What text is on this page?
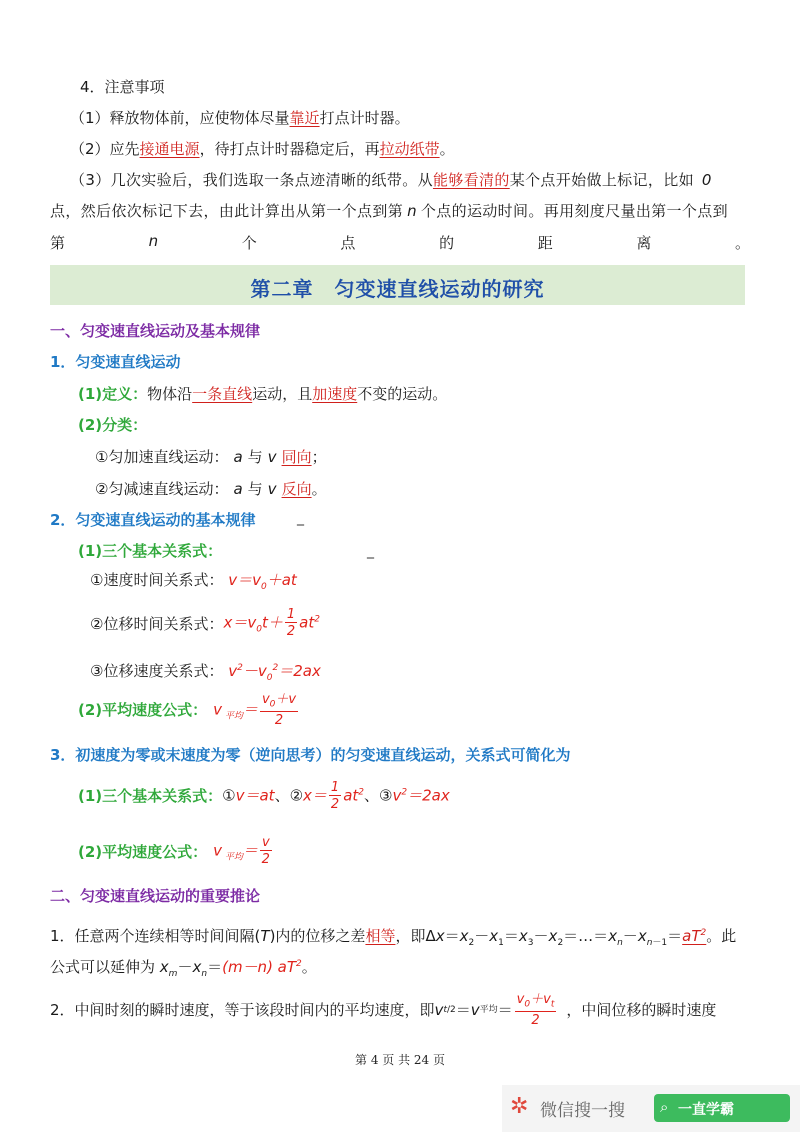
4．注意事项
（1）释放物体前，应使物体尽量靠近打点计时器。
（2）应先接通电源，待打点计时器稳定后，再拉动纸带。
（3）几次实验后，我们选取一条点迹清晰的纸带。从能够看清的某个点开始做上标记，比如 0
点，然后依次标记下去，由此计算出从第一个点到第 n 个点的运动时间。再用刻度尺量出第一个点到
第	n	个	点	的	距	离	。
第二章　匀变速直线运动的研究
一、匀变速直线运动及基本规律
1．匀变速直线运动
(1)定义：物体沿一条直线运动，且加速度不变的运动。
(2)分类：
①匀加速直线运动： a 与 v 同向；
②匀减速直线运动： a 与 v 反向。
2．匀变速直线运动的基本规律	_
(1)三个基本关系式：	_
①速度时间关系式： $v=v_0+at$
②位移时间关系式： $x=v_0t+ \frac{1}{2} at^2$
③位移速度关系式： $v^2-v_0^2=2ax$
(2)平均速度公式： v $_{平均}= \frac{v_0+v}{2}$
3．初速度为零或末速度为零（逆向思考）的匀变速直线运动，关系式可简化为
(1)三个基本关系式： ①v＝at、②x＝ $\frac{1}{2} at^2$、$③v^2=2ax$
(2)平均速度公式： v $_{平均}= \frac{v}{2}$
二、匀变速直线运动的重要推论
1．任意两个连续相等时间间隔(T)内的位移之差相等，即$\Delta x=x_2-x_1=x_3-x_2=\dots=x_n-x_{n-1}=aT^2$。此
公式可以延伸为 $x_m-x_n=(m-n)$ $aT^2$。
2．中间时刻的瞬时速度，等于该段时间内的平均速度，即 v t/2 ＝ v 平均 ＝ $\frac{v_0+v_t}{2}$ ，中间位移的瞬时速度
第 4 页 共 24 页
✲ 微信搜一搜 ⌕ 一直学霸
